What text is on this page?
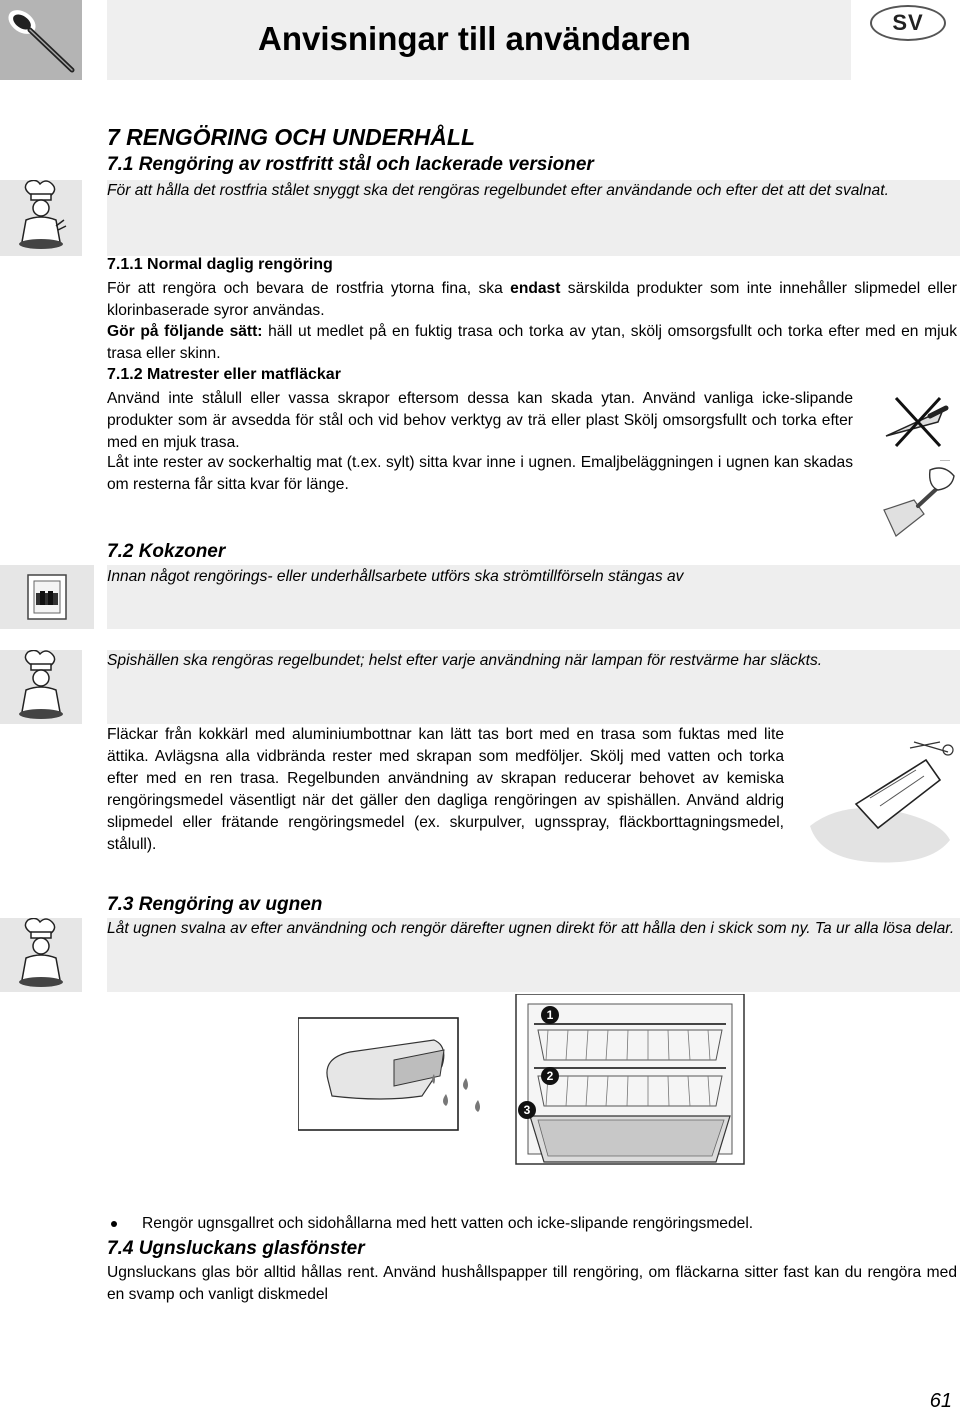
Anvisningar till användaren	SV
7 RENGÖRING OCH UNDERHÅLL
7.1 Rengöring av rostfritt stål och lackerade versioner
För att hålla det rostfria stålet snyggt ska det rengöras regelbundet efter användande och efter det att det svalnat.
7.1.1 Normal daglig rengöring
För att rengöra och bevara de rostfria ytorna fina, ska endast särskilda produkter som inte innehåller slipmedel eller klorinbaserade syror användas.
Gör på följande sätt: häll ut medlet på en fuktig trasa och torka av ytan, skölj omsorgsfullt och torka efter med en mjuk trasa eller skinn.
7.1.2 Matrester eller matfläckar
Använd inte stålull eller vassa skrapor eftersom dessa kan skada ytan. Använd vanliga icke-slipande produkter som är avsedda för stål och vid behov verktyg av trä eller plast Skölj omsorgsfullt och torka efter med en mjuk trasa.
Låt inte rester av sockerhaltig mat (t.ex. sylt) sitta kvar inne i ugnen. Emaljbeläggningen i ugnen kan skadas om resterna får sitta kvar för länge.
7.2 Kokzoner
Innan något rengörings- eller underhållsarbete utförs ska strömtillförseln stängas av
Spishällen ska rengöras regelbundet; helst efter varje användning när lampan för restvärme har släckts.
Fläckar från kokkärl med aluminiumbottnar kan lätt tas bort med en trasa som fuktas med lite ättika. Avlägsna alla vidbrända rester med skrapan som medföljer. Skölj med vatten och torka efter med en ren trasa. Regelbunden användning av skrapan reducerar behovet av kemiska rengöringsmedel väsentligt när det gäller den dagliga rengöringen av spishällen. Använd aldrig slipmedel eller frätande rengöringsmedel (ex. skurpulver, ugnsspray, fläckborttagningsmedel, stålull).
7.3 Rengöring av ugnen
Låt ugnen svalna av efter användning och rengör därefter ugnen direkt för att hålla den i skick som ny. Ta ur alla lösa delar.
1
2
3
Rengör ugnsgallret och sidohållarna med hett vatten och icke-slipande rengöringsmedel.
7.4 Ugnsluckans glasfönster
Ugnsluckans glas bör alltid hållas rent. Använd hushållspapper till rengöring, om fläckarna sitter fast kan du rengöra med en svamp och vanligt diskmedel
61
